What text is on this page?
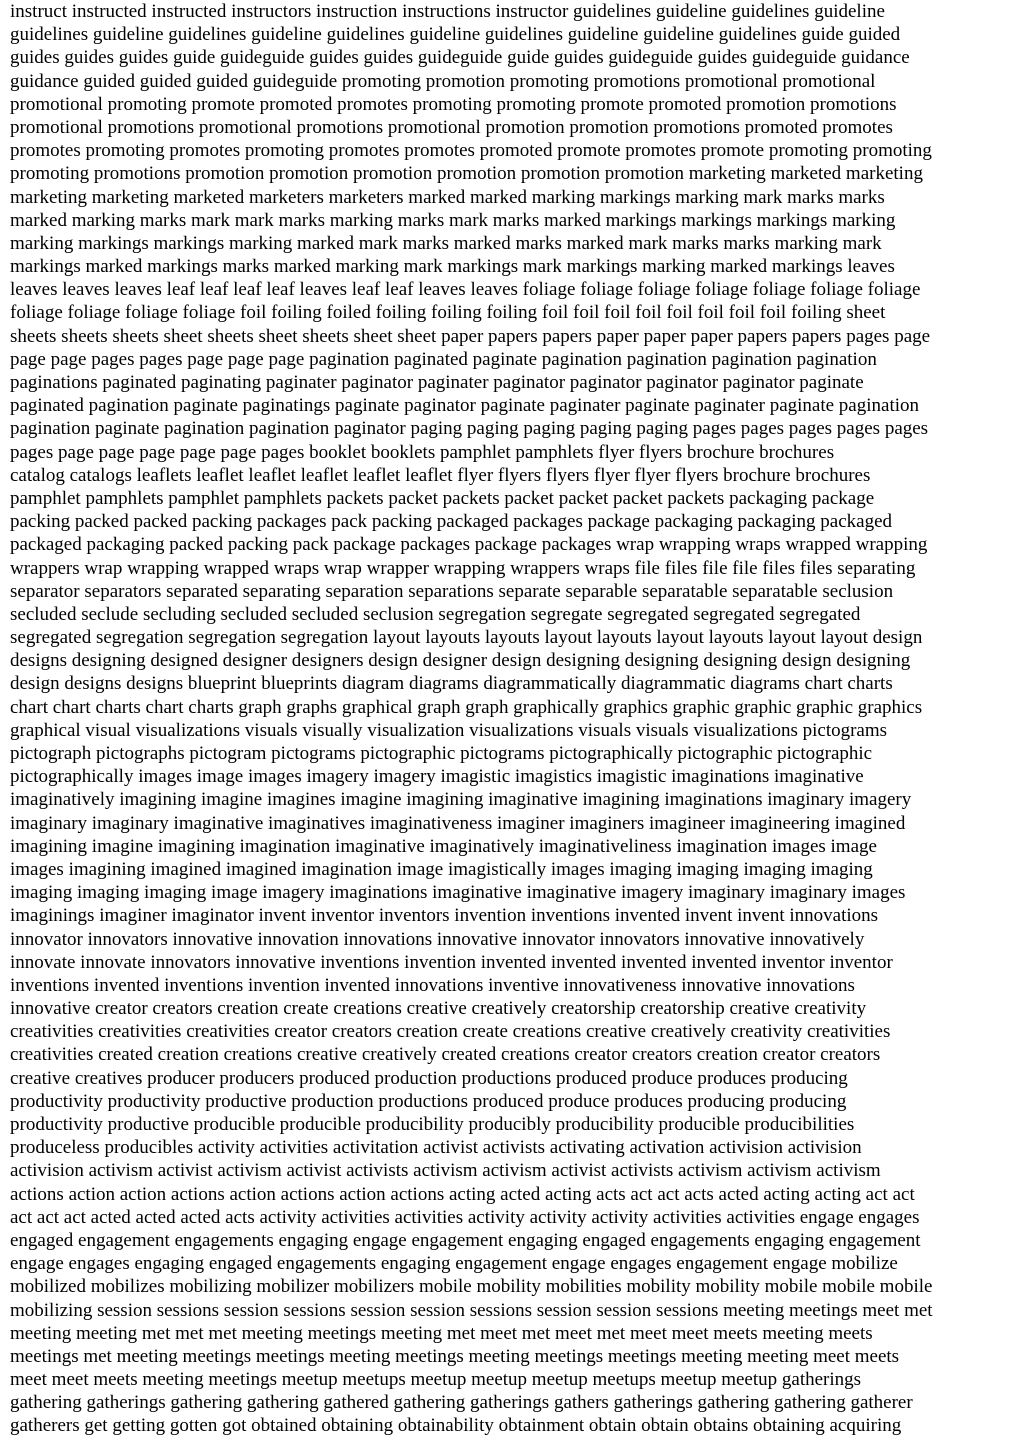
instruct instructed instructed instructors instruction instructions instructor guidelines guideline guidelines guideline
guidelines guideline guidelines guideline guidelines guideline guidelines guideline guideline guidelines guide guided
guides guides guides guide guideguide guides guides guideguide guide guides guideguide guides guideguide guidance
guidance guided guided guided guideguide promoting promotion promoting promotions promotional promotional
promotional promoting promote promoted promotes promoting promoting promote promoted promotion promotions
promotional promotions promotional promotions promotional promotion promotion promotions promoted promotes
promotes promoting promotes promoting promotes promotes promoted promote promotes promote promoting promoting
promoting promotions promotion promotion promotion promotion promotion promotion marketing marketed marketing
marketing marketing marketed marketers marketers marked marked marking markings marking mark marks marks
marked marking marks mark mark marks marking marks mark marks marked markings markings markings marking
marking markings markings marking marked mark marks marked marks marked mark marks marks marking mark
markings marked markings marks marked marking mark markings mark markings marking marked markings leaves
leaves leaves leaves leaf leaf leaf leaf leaves leaf leaf leaves leaves foliage foliage foliage foliage foliage foliage foliage
foliage foliage foliage foliage foil foiling foiled foiling foiling foiling foil foil foil foil foil foil foil foil foiling sheet
sheets sheets sheets sheet sheets sheet sheets sheet sheet paper papers papers paper paper paper papers papers pages page
page page pages pages page page page pagination paginated paginate pagination pagination pagination pagination
paginations paginated paginating paginater paginator paginater paginator paginator paginator paginator paginate
paginated pagination paginate paginatings paginate paginator paginate paginater paginate paginater paginate pagination
pagination paginate pagination pagination paginator paging paging paging paging paging pages pages pages pages pages
pages page page page page page pages booklet booklets pamphlet pamphlets flyer flyers brochure brochures
catalog catalogs leaflets leaflet leaflet leaflet leaflet leaflet flyer flyers flyers flyer flyer flyers brochure brochures
pamphlet pamphlets pamphlet pamphlets packets packet packets packet packet packet packets packaging package
packing packed packed packing packages pack packing packaged packages package packaging packaging packaged
packaged packaging packed packing pack package packages package packages wrap wrapping wraps wrapped wrapping
wrappers wrap wrapping wrapped wraps wrap wrapper wrapping wrappers wraps file files file file files files separating
separator separators separated separating separation separations separate separable separatable separatable seclusion
secluded seclude secluding secluded secluded seclusion segregation segregate segregated segregated segregated
segregated segregation segregation segregation layout layouts layouts layout layouts layout layouts layout layout design
designs designing designed designer designers design designer design designing designing designing design designing
design designs designs blueprint blueprints diagram diagrams diagrammatically diagrammatic diagrams chart charts
chart chart charts chart charts graph graphs graphical graph graph graphically graphics graphic graphic graphic graphics
graphical visual visualizations visuals visually visualization visualizations visuals visuals visualizations pictograms
pictograph pictographs pictogram pictograms pictographic pictograms pictographically pictographic pictographic
pictographically images image images imagery imagery imagistic imagistics imagistic imaginations imaginative
imaginatively imagining imagine imagines imagine imagining imaginative imagining imaginations imaginary imagery
imaginary imaginary imaginative imaginatives imaginativeness imaginer imaginers imagineer imagineering imagined
imagining imagine imagining imagination imaginative imaginatively imaginativeliness imagination images image
images imagining imagined imagined imagination image imagistically images imaging imaging imaging imaging
imaging imaging imaging image imagery imaginations imaginative imaginative imagery imaginary imaginary images
imaginings imaginer imaginator invent inventor inventors invention inventions invented invent invent innovations
innovator innovators innovative innovation innovations innovative innovator innovators innovative innovatively
innovate innovate innovators innovative inventions invention invented invented invented invented inventor inventor
inventions invented inventions invention invented innovations inventive innovativeness innovative innovations
innovative creator creators creation create creations creative creatively creatorship creatorship creative creativity
creativities creativities creativities creator creators creation create creations creative creatively creativity creativities
creativities created creation creations creative creatively created creations creator creators creation creator creators
creative creatives producer producers produced production productions produced produce produces producing
productivity productivity productive production productions produced produce produces producing producing
productivity productive producible producible producibility producibly producibility producible producibilities
produceless producibles activity activities activitation activist activists activating activation activision activision
activision activism activist activism activist activists activism activism activist activists activism activism activism
actions action action actions action actions action actions acting acted acting acts act act acts acted acting acting act act
act act act acted acted acted acts activity activities activities activity activity activity activities activities engage engages
engaged engagement engagements engaging engage engagement engaging engaged engagements engaging engagement
engage engages engaging engaged engagements engaging engagement engage engages engagement engage mobilize
mobilized mobilizes mobilizing mobilizer mobilizers mobile mobility mobilities mobility mobility mobile mobile mobile
mobilizing session sessions session sessions session session sessions session session sessions meeting meetings meet met
meeting meeting met met met meeting meetings meeting met meet met meet met meet meet meets meeting meets
meetings met meeting meetings meetings meeting meetings meeting meetings meetings meeting meeting meet meets
meet meet meets meeting meetings meetup meetups meetup meetup meetup meetups meetup meetup gatherings
gathering gatherings gathering gathering gathered gathering gatherings gathers gatherings gathering gathering gatherer
gatherers get getting gotten got obtained obtaining obtainability obtainment obtain obtain obtains obtaining acquiring
